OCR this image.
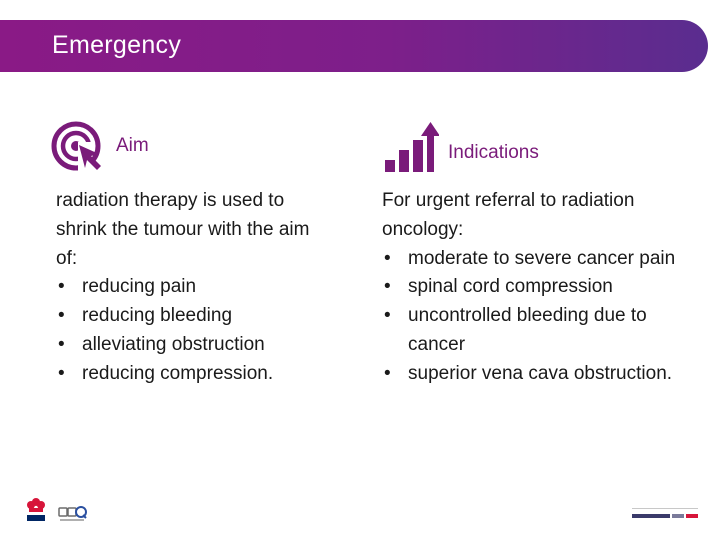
Emergency
Aim

radiation therapy is used to shrink the tumour with the aim of:

• reducing pain
• reducing bleeding
• alleviating obstruction
• reducing compression.
Indications

For urgent referral to radiation oncology:

• moderate to severe cancer pain
• spinal cord compression
• uncontrolled bleeding due to cancer
• superior vena cava obstruction.
